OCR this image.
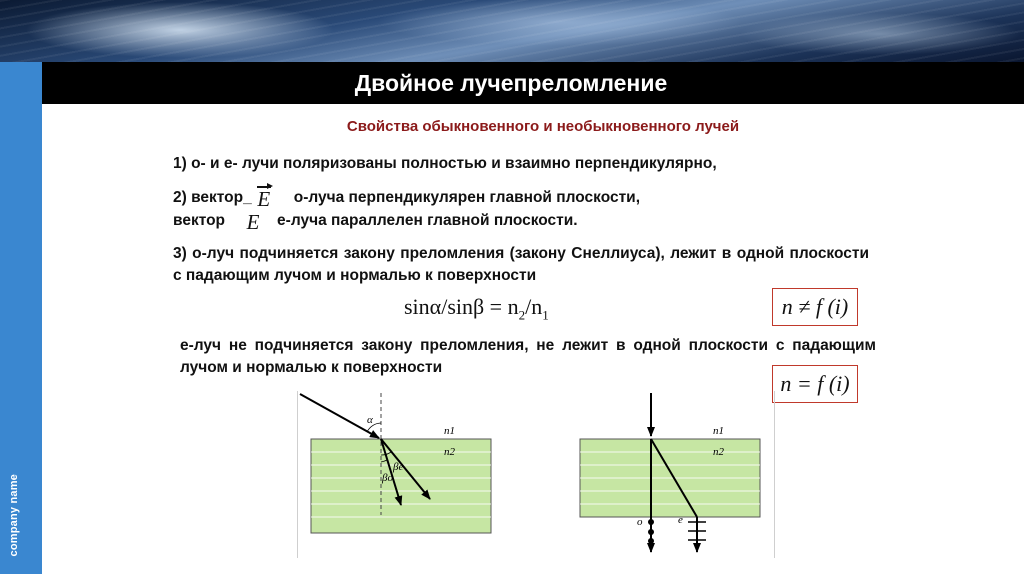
company name
Двойное лучепреломление
Свойства обыкновенного и необыкновенного лучей
1) о- и е- лучи поляризованы полностью и взаимно перпендикулярно,
2) вектор_ E	о-луча перпендикулярен главной плоскости,
вектор E	е-луча параллелен главной плоскости.
3) о-луч подчиняется закону преломления (закону Снеллиуса), лежит в одной плоскости с падающим лучом и нормалью к поверхности
$\sin\alpha/\sin\beta = n_2/n_1$	n ≠ f (i)
е-луч не подчиняется закону преломления, не лежит в одной плоскости с падающим лучом и нормалью к поверхности
n = f (i)
α
βe
βo
n1
n2
n1
n2
o	e
